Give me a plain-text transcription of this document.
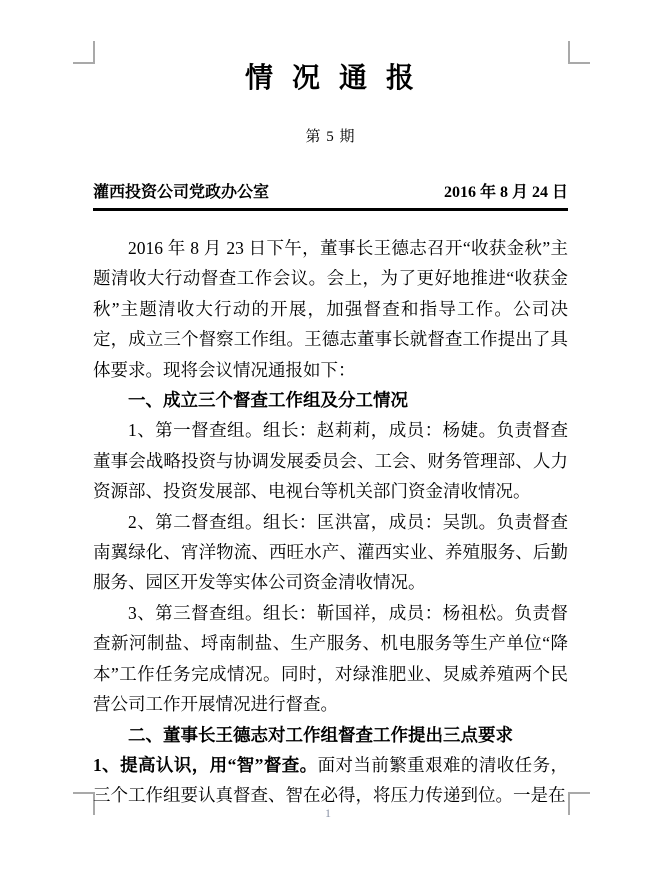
情 况 通 报
第 5 期
灌西投资公司党政办公室	2016 年 8 月 24 日

2016 年 8 月 23 日下午，董事长王德志召开“收获金秋”主题清收大行动督查工作会议。会上，为了更好地推进“收获金秋”主题清收大行动的开展，加强督查和指导工作。公司决定，成立三个督察工作组。王德志董事长就督查工作提出了具体要求。现将会议情况通报如下：

一、成立三个督查工作组及分工情况

1、第一督查组。组长：赵莉莉，成员：杨婕。负责督查董事会战略投资与协调发展委员会、工会、财务管理部、人力资源部、投资发展部、电视台等机关部门资金清收情况。

2、第二督查组。组长：匡洪富，成员：吴凯。负责督查南翼绿化、宵洋物流、西旺水产、灌西实业、养殖服务、后勤服务、园区开发等实体公司资金清收情况。

3、第三督查组。组长：靳国祥，成员：杨祖松。负责督查新河制盐、埒南制盐、生产服务、机电服务等生产单位“降本”工作任务完成情况。同时，对绿淮肥业、炅威养殖两个民营公司工作开展情况进行督查。

二、董事长王德志对工作组督查工作提出三点要求

1、提高认识，用“智”督查。面对当前繁重艰难的清收任务，三个工作组要认真督查、智在必得，将压力传递到位。一是在

1
